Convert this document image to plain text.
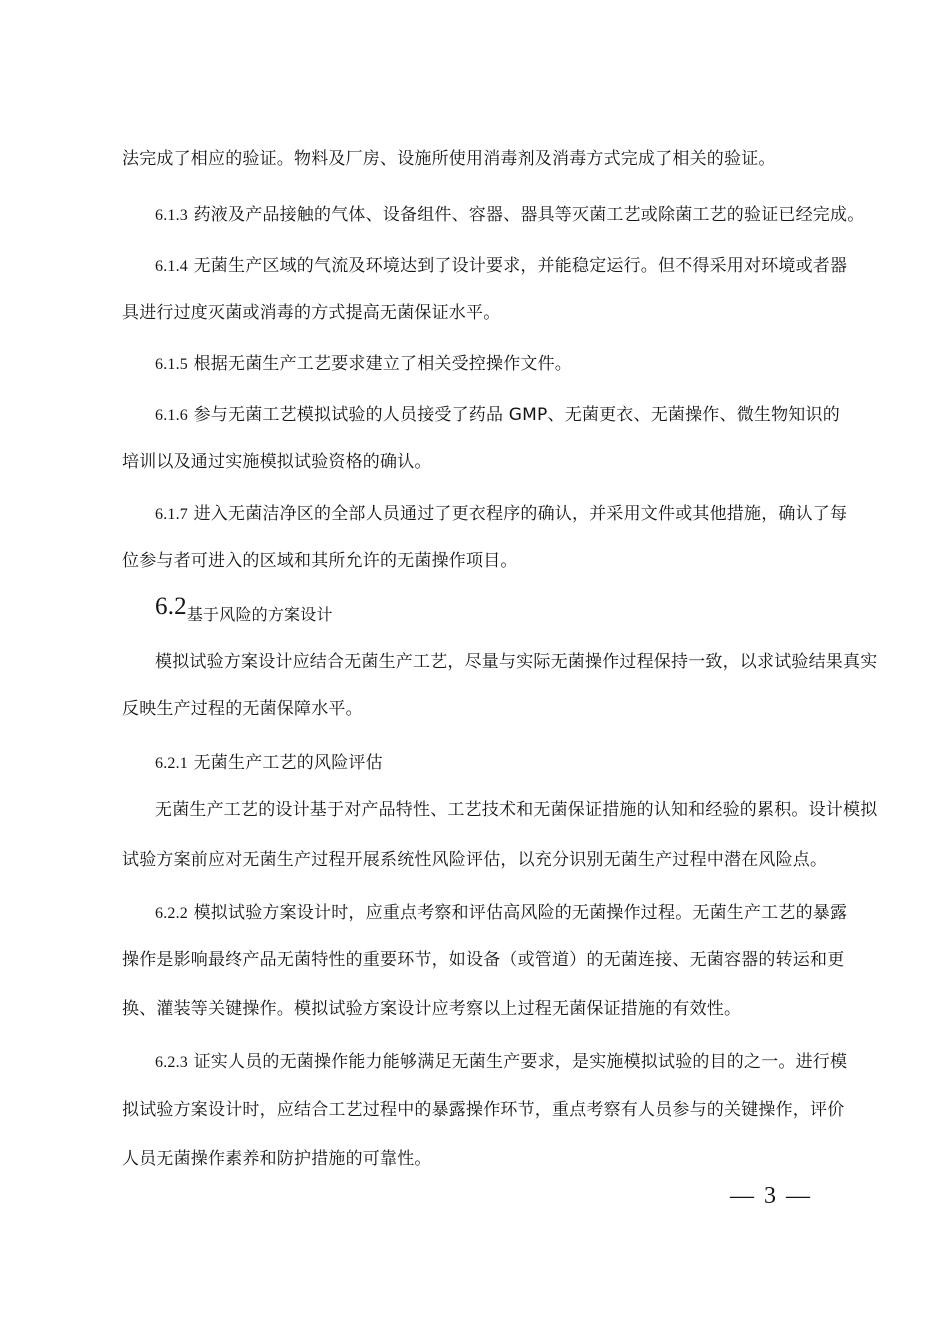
法完成了相应的验证。物料及厂房、设施所使用消毒剂及消毒方式完成了相关的验证。
6.1.3 药液及产品接触的气体、设备组件、容器、器具等灭菌工艺或除菌工艺的验证已经完成。
6.1.4 无菌生产区域的气流及环境达到了设计要求，并能稳定运行。但不得采用对环境或者器
具进行过度灭菌或消毒的方式提高无菌保证水平。
6.1.5 根据无菌生产工艺要求建立了相关受控操作文件。
6.1.6 参与无菌工艺模拟试验的人员接受了药品 GMP、无菌更衣、无菌操作、微生物知识的
培训以及通过实施模拟试验资格的确认。
6.1.7 进入无菌洁净区的全部人员通过了更衣程序的确认，并采用文件或其他措施，确认了每
位参与者可进入的区域和其所允许的无菌操作项目。
6.2基于风险的方案设计
模拟试验方案设计应结合无菌生产工艺，尽量与实际无菌操作过程保持一致，以求试验结果真实
反映生产过程的无菌保障水平。
6.2.1 无菌生产工艺的风险评估
无菌生产工艺的设计基于对产品特性、工艺技术和无菌保证措施的认知和经验的累积。设计模拟
试验方案前应对无菌生产过程开展系统性风险评估，以充分识别无菌生产过程中潜在风险点。
6.2.2 模拟试验方案设计时，应重点考察和评估高风险的无菌操作过程。无菌生产工艺的暴露
操作是影响最终产品无菌特性的重要环节，如设备（或管道）的无菌连接、无菌容器的转运和更
换、灌装等关键操作。模拟试验方案设计应考察以上过程无菌保证措施的有效性。
6.2.3 证实人员的无菌操作能力能够满足无菌生产要求，是实施模拟试验的目的之一。进行模
拟试验方案设计时，应结合工艺过程中的暴露操作环节，重点考察有人员参与的关键操作，评价
人员无菌操作素养和防护措施的可靠性。
— 3 —
